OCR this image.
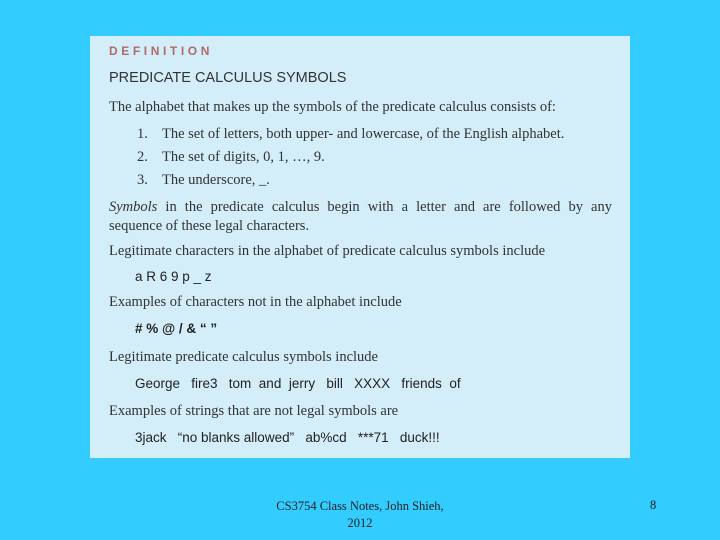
DEFINITION
PREDICATE CALCULUS SYMBOLS
The alphabet that makes up the symbols of the predicate calculus consists of:
1. The set of letters, both upper- and lowercase, of the English alphabet.
2. The set of digits, 0, 1, …, 9.
3. The underscore, _.
Symbols in the predicate calculus begin with a letter and are followed by any
sequence of these legal characters.
Legitimate characters in the alphabet of predicate calculus symbols include
a R 6 9 p _ z
Examples of characters not in the alphabet include
# % @ / & “ ”
Legitimate predicate calculus symbols include
George   fire3   tom  and  jerry   bill   XXXX   friends  of
Examples of strings that are not legal symbols are
3jack   “no blanks allowed”   ab%cd   ***71   duck!!!
CS3754 Class Notes, John Shieh,
2012
8
